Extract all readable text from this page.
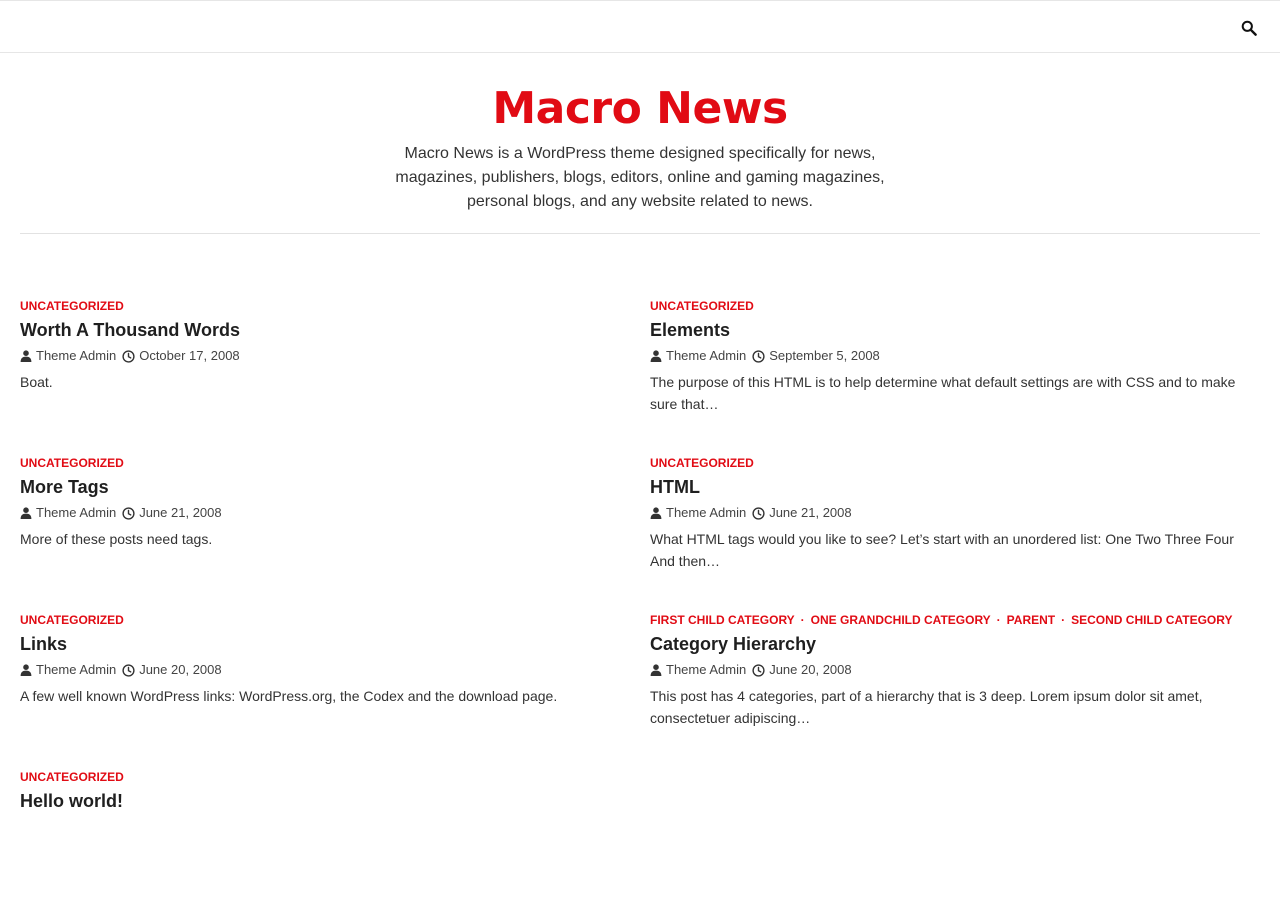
Macro News
Macro News is a WordPress theme designed specifically for news, magazines, publishers, blogs, editors, online and gaming magazines, personal blogs, and any website related to news.
UNCATEGORIZED
Worth A Thousand Words
Theme Admin October 17, 2008
Boat.
UNCATEGORIZED
Elements
Theme Admin September 5, 2008
The purpose of this HTML is to help determine what default settings are with CSS and to make sure that…
UNCATEGORIZED
More Tags
Theme Admin June 21, 2008
More of these posts need tags.
UNCATEGORIZED
HTML
Theme Admin June 21, 2008
What HTML tags would you like to see? Let’s start with an unordered list: One Two Three Four And then…
UNCATEGORIZED
Links
Theme Admin June 20, 2008
A few well known WordPress links: WordPress.org, the Codex and the download page.
FIRST CHILD CATEGORY · ONE GRANDCHILD CATEGORY · PARENT · SECOND CHILD CATEGORY
Category Hierarchy
Theme Admin June 20, 2008
This post has 4 categories, part of a hierarchy that is 3 deep. Lorem ipsum dolor sit amet, consectetuer adipiscing…
UNCATEGORIZED
Hello world!
